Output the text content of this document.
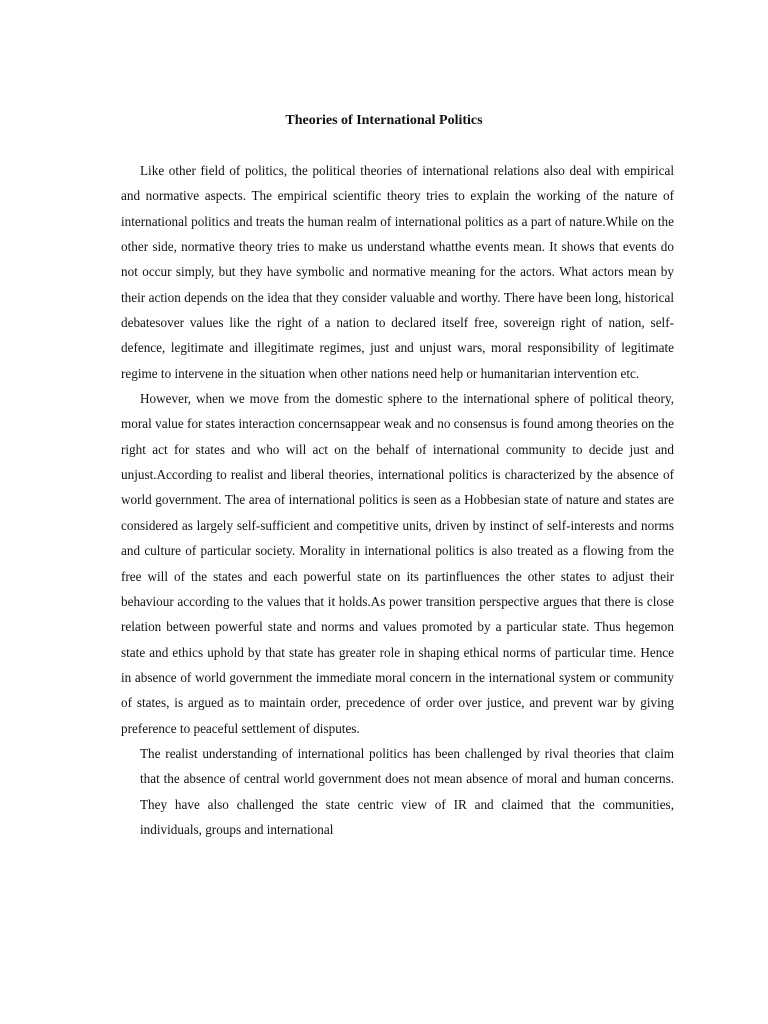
Theories of International Politics

Like other field of politics, the political theories of international relations also deal with empirical and normative aspects. The empirical scientific theory tries to explain the working of the nature of international politics and treats the human realm of international politics as a part of nature.While on the other side, normative theory tries to make us understand whatthe events mean. It shows that events do not occur simply, but they have symbolic and normative meaning for the actors. What actors mean by their action depends on the idea that they consider valuable and worthy. There have been long, historical debatesover values like the right of a nation to declared itself free, sovereign right of nation, self-defence, legitimate and illegitimate regimes, just and unjust wars, moral responsibility of legitimate regime to intervene in the situation when other nations need help or humanitarian intervention etc.

However, when we move from the domestic sphere to the international sphere of political theory, moral value for states interaction concernsappear weak and no consensus is found among theories on the right act for states and who will act on the behalf of international community to decide just and unjust.According to realist and liberal theories, international politics is characterized by the absence of world government. The area of international politics is seen as a Hobbesian state of nature and states are considered as largely self-sufficient and competitive units, driven by instinct of self-interests and norms and culture of particular society. Morality in international politics is also treated as a flowing from the free will of the states and each powerful state on its partinfluences the other states to adjust their behaviour according to the values that it holds.As power transition perspective argues that there is close relation between powerful state and norms and values promoted by a particular state. Thus hegemon state and ethics uphold by that state has greater role in shaping ethical norms of particular time. Hence in absence of world government the immediate moral concern in the international system or community of states, is argued as to maintain order, precedence of order over justice, and prevent war by giving preference to peaceful settlement of disputes.

The realist understanding of international politics has been challenged by rival theories that claim that the absence of central world government does not mean absence of moral and human concerns. They have also challenged the state centric view of IR and claimed that the communities, individuals, groups and international
